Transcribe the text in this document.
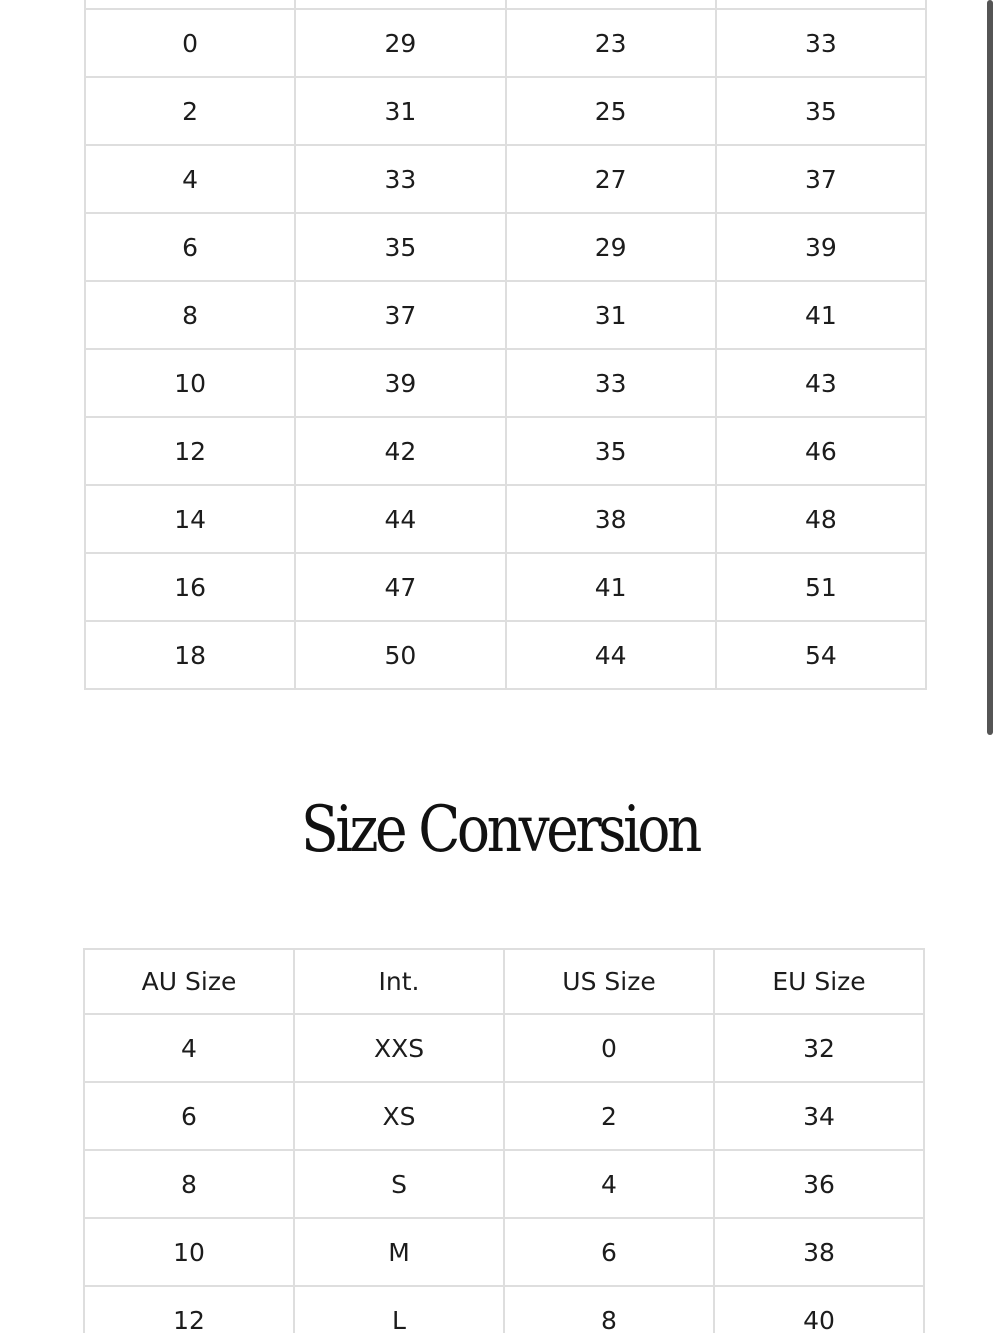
0	29	23	33
2	31	25	35
4	33	27	37
6	35	29	39
8	37	31	41
10	39	33	43
12	42	35	46
14	44	38	48
16	47	41	51
18	50	44	54
Size Conversion
AU Size	Int.	US Size	EU Size
4	XXS	0	32
6	XS	2	34
8	S	4	36
10	M	6	38
12	L	8	40
